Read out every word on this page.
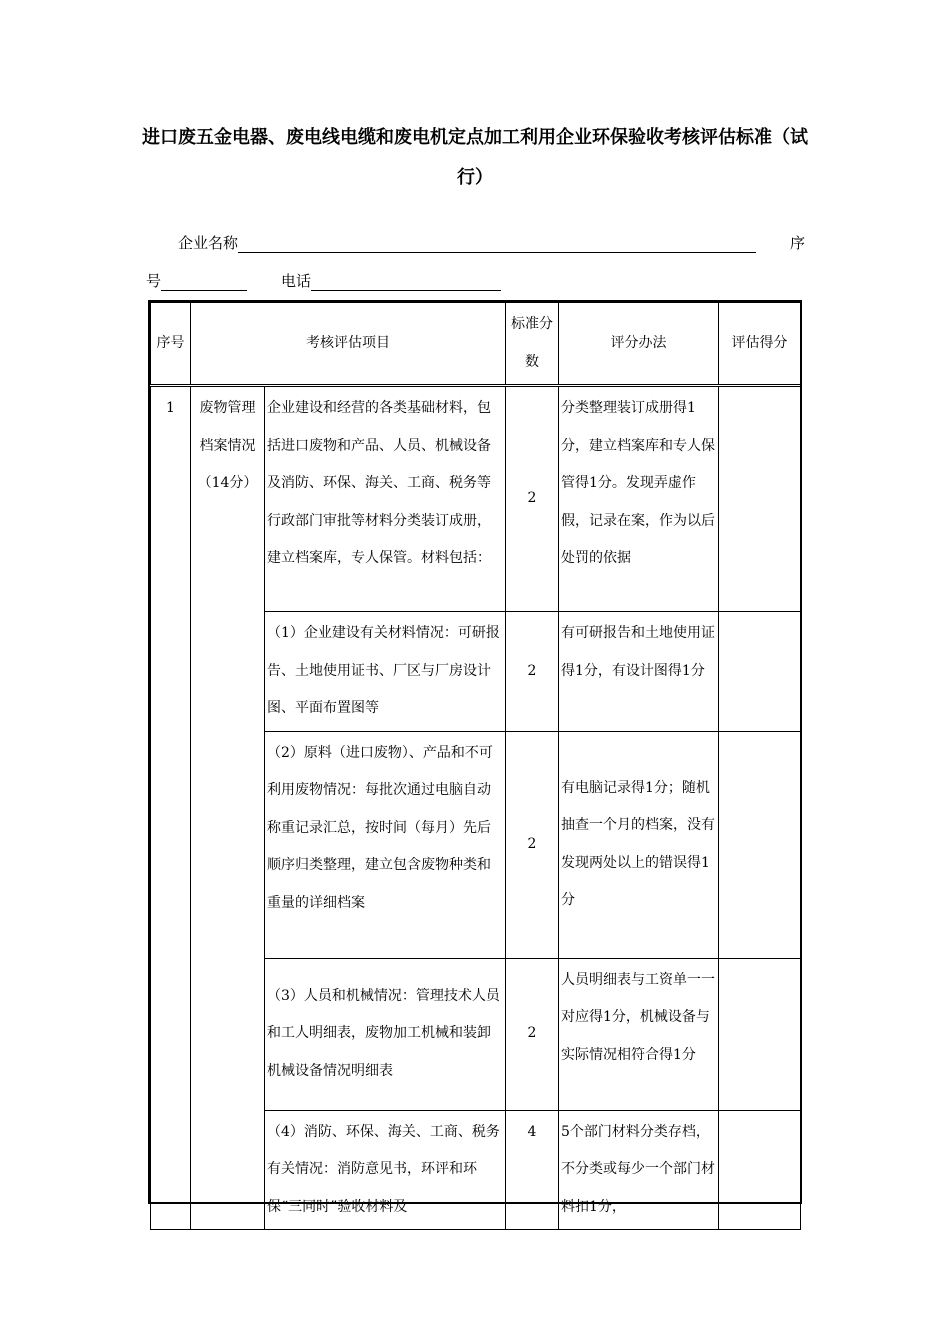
进口废五金电器、废电线电缆和废电机定点加工利用企业环保验收考核评估标准（试行）
企业名称	序
号	电话
序号	考核评估项目		标准分数	评分办法	评估得分
1	废物管理档案情况（14分）	企业建设和经营的各类基础材料，包括进口废物和产品、人员、机械设备及消防、环保、海关、工商、税务等行政部门审批等材料分类装订成册，建立档案库，专人保管。材料包括：	2	分类整理装订成册得1分，建立档案库和专人保管得1分。发现弄虚作假，记录在案，作为以后处罚的依据	
		（1）企业建设有关材料情况：可研报告、土地使用证书、厂区与厂房设计图、平面布置图等	2	有可研报告和土地使用证得1分，有设计图得1分	
		（2）原料（进口废物）、产品和不可利用废物情况：每批次通过电脑自动称重记录汇总，按时间（每月）先后顺序归类整理，建立包含废物种类和重量的详细档案	2	有电脑记录得1分；随机抽查一个月的档案，没有发现两处以上的错误得1分	
		（3）人员和机械情况：管理技术人员和工人明细表，废物加工机械和装卸机械设备情况明细表	2	人员明细表与工资单一一对应得1分，机械设备与实际情况相符合得1分	
		（4）消防、环保、海关、工商、税务有关情况：消防意见书，环评和环保“三同时”验收材料及	4	5个部门材料分类存档，不分类或每少一个部门材料扣1分，	
